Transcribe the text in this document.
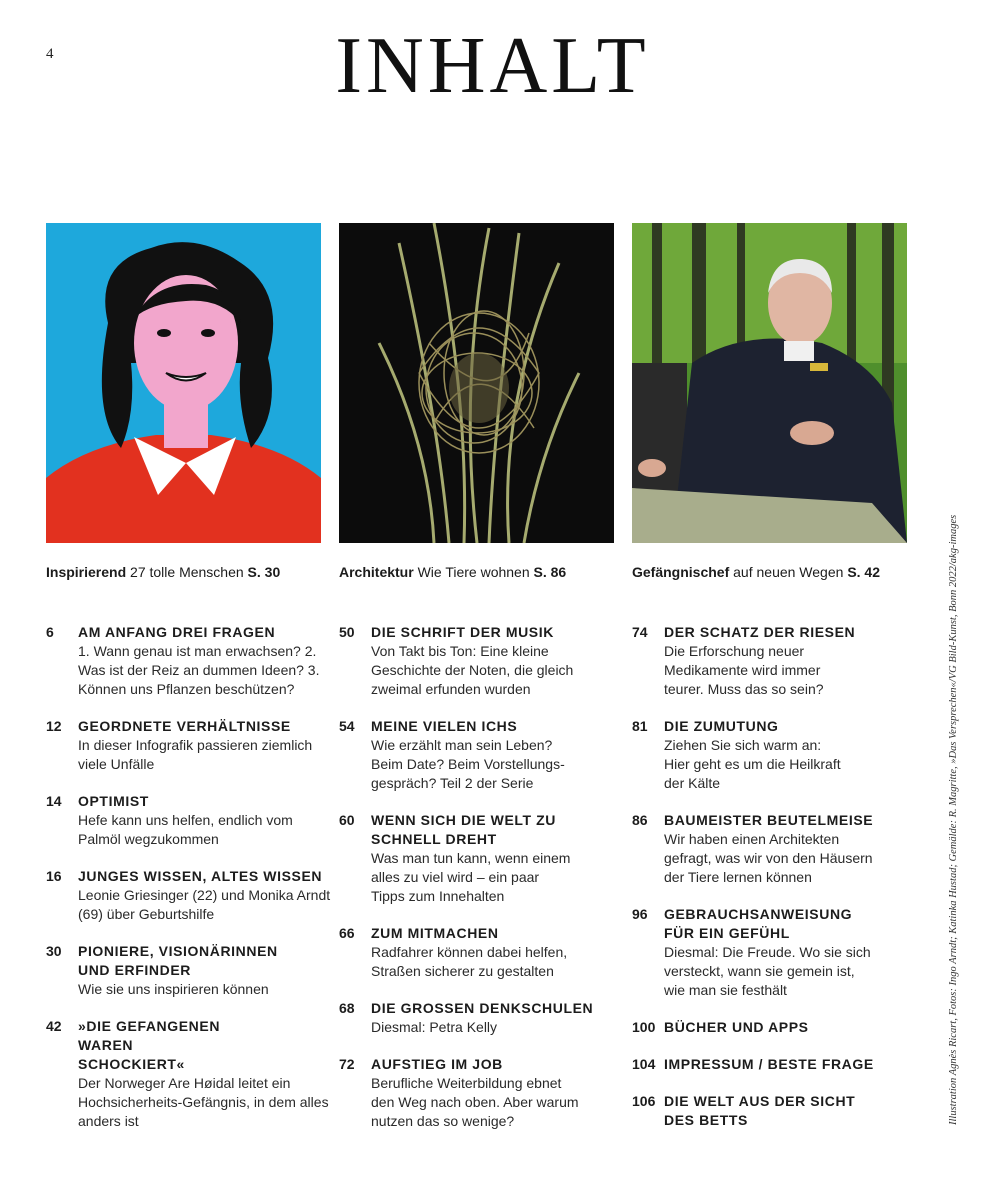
4	INHALT
Inspirierend 27 tolle Menschen S. 30	Architektur Wie Tiere wohnen S. 86	Gefängnischef auf neuen Wegen S. 42
6 AM ANFANG DREI FRAGEN
1. Wann genau ist man erwachsen? 2. Was ist der Reiz an dummen Ideen? 3. Können uns Pflanzen beschützen?
12 GEORDNETE VERHÄLTNISSE
In dieser Infografik passieren ziemlich viele Unfälle
14 OPTIMIST
Hefe kann uns helfen, endlich vom Palmöl wegzukommen
16 JUNGES WISSEN, ALTES WISSEN
Leonie Griesinger (22) und Monika Arndt (69) über Geburtshilfe
30 PIONIERE, VISIONÄRINNEN UND ERFINDER
Wie sie uns inspirieren können
42 »DIE GEFANGENEN WAREN SCHOCKIERT«
Der Norweger Are Høidal leitet ein Hochsicherheits-Gefängnis, in dem alles anders ist
50 DIE SCHRIFT DER MUSIK
Von Takt bis Ton: Eine kleine Geschichte der Noten, die gleich zweimal erfunden wurden
54 MEINE VIELEN ICHS
Wie erzählt man sein Leben? Beim Date? Beim Vorstellungsgespräch? Teil 2 der Serie
60 WENN SICH DIE WELT ZU SCHNELL DREHT
Was man tun kann, wenn einem alles zu viel wird – ein paar Tipps zum Innehalten
66 ZUM MITMACHEN
Radfahrer können dabei helfen, Straßen sicherer zu gestalten
68 DIE GROSSEN DENKSCHULEN
Diesmal: Petra Kelly
72 AUFSTIEG IM JOB
Berufliche Weiterbildung ebnet den Weg nach oben. Aber warum nutzen das so wenige?
74 DER SCHATZ DER RIESEN
Die Erforschung neuer Medikamente wird immer teurer. Muss das so sein?
81 DIE ZUMUTUNG
Ziehen Sie sich warm an: Hier geht es um die Heilkraft der Kälte
86 BAUMEISTER BEUTELMEISE
Wir haben einen Architekten gefragt, was wir von den Häusern der Tiere lernen können
96 GEBRAUCHSANWEISUNG FÜR EIN GEFÜHL
Diesmal: Die Freude. Wo sie sich versteckt, wann sie gemein ist, wie man sie festhält
100 BÜCHER UND APPS
104 IMPRESSUM / BESTE FRAGE
106 DIE WELT AUS DER SICHT DES BETTS	Illustration Agnès Ricart, Fotos: Ingo Arndt; Katinka Hustad; Gemälde: R. Magritte, »Das Versprechen«/VG Bild-Kunst, Bonn 2022/akg-images
